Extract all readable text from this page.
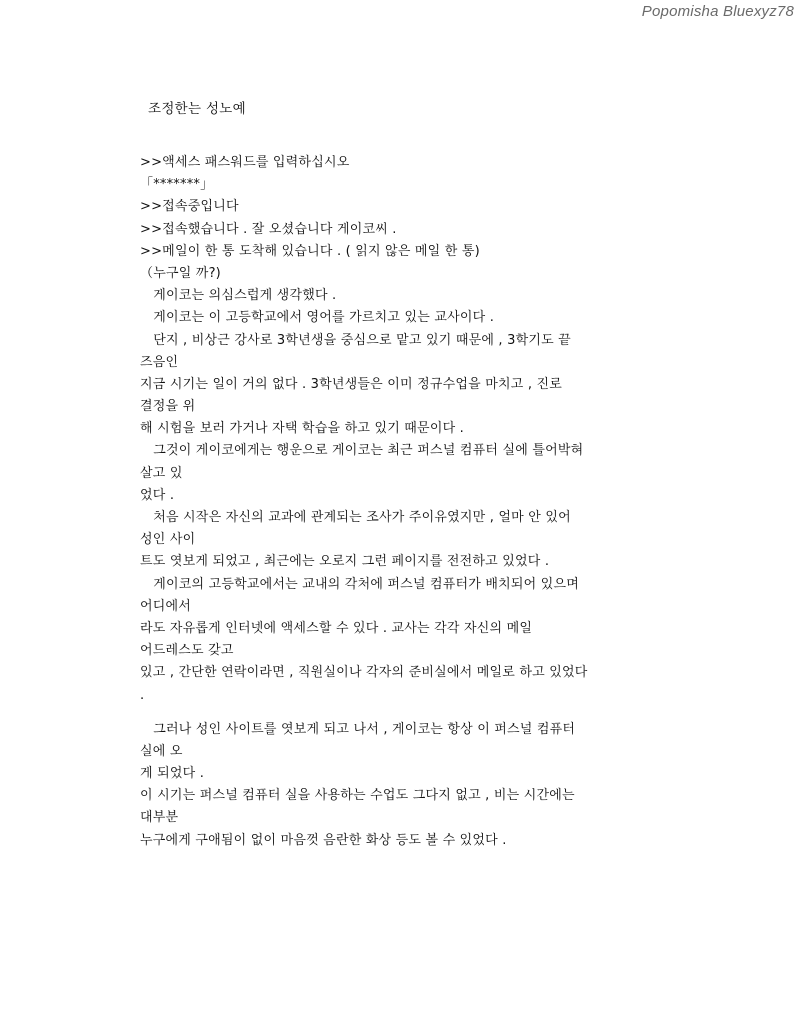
Popomisha Bluexyz78
조정한는 성노예
>>액세스 패스워드를 입력하십시오
「*******」
>>접속중입니다
>>접속했습니다 . 잘 오셨습니다 게이코씨 .
>>메일이 한 통 도착해 있습니다 . ( 읽지 않은 메일 한 통)
（누구일 까?)
　게이코는 의심스럽게 생각했다 .
　게이코는 이 고등학교에서 영어를 가르치고 있는 교사이다 .
　단지 , 비상근 강사로 3학년생을 중심으로 맡고 있기 때문에 , 3학기도 끝
즈음인
지금 시기는 일이 거의 없다 . 3학년생들은 이미 정규수업을 마치고 , 진로
결정을 위
해 시험을 보러 가거나 자택 학습을 하고 있기 때문이다 .
　그것이 게이코에게는 행운으로 게이코는 최근 퍼스널 컴퓨터 실에 틀어박혀
살고 있
었다 .
　처음 시작은 자신의 교과에 관계되는 조사가 주이유였지만 , 얼마 안 있어
성인 사이
트도 엿보게 되었고 , 최근에는 오로지 그런 페이지를 전전하고 있었다 .
　게이코의 고등학교에서는 교내의 각처에 퍼스널 컴퓨터가 배치되어 있으며
어디에서
라도 자유롭게 인터넷에 액세스할 수 있다 . 교사는 각각 자신의 메일
어드레스도 갖고
있고 , 간단한 연락이라면 , 직원실이나 각자의 준비실에서 메일로 하고 있었다
.
　그러나 성인 사이트를 엿보게 되고 나서 , 게이코는 항상 이 퍼스널 컴퓨터
실에 오
게 되었다 .
이 시기는 퍼스널 컴퓨터 실을 사용하는 수업도 그다지 없고 , 비는 시간에는
대부분
누구에게 구애됨이 없이 마음껏 음란한 화상 등도 볼 수 있었다 .
